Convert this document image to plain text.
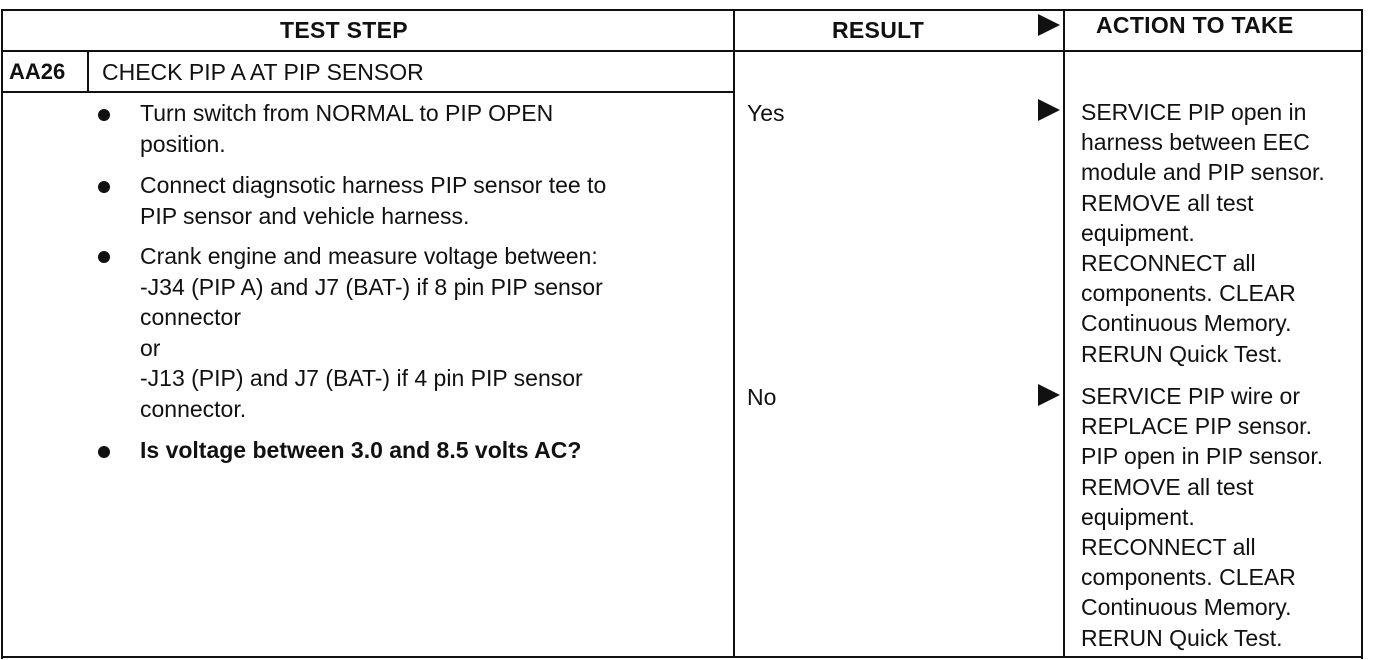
TEST STEP	RESULT	ACTION TO TAKE
AA26 CHECK PIP A AT PIP SENSOR
Turn switch from NORMAL to PIP OPEN
position.
Connect diagnsotic harness PIP sensor tee to
PIP sensor and vehicle harness.
Crank engine and measure voltage between:
-J34 (PIP A) and J7 (BAT-) if 8 pin PIP sensor
connector
or
-J13 (PIP) and J7 (BAT-) if 4 pin PIP sensor
connector.
Is voltage between 3.0 and 8.5 volts AC?
Yes	SERVICE PIP open in
harness between EEC
module and PIP sensor.
REMOVE all test
equipment.
RECONNECT all
components. CLEAR
Continuous Memory.
RERUN Quick Test.
No	SERVICE PIP wire or
REPLACE PIP sensor.
PIP open in PIP sensor.
REMOVE all test
equipment.
RECONNECT all
components. CLEAR
Continuous Memory.
RERUN Quick Test.
